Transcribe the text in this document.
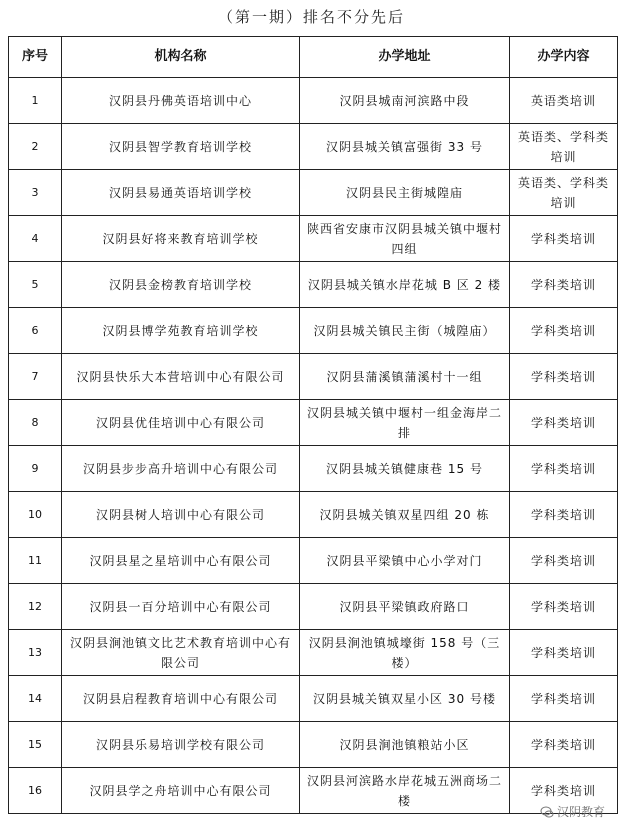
（第一期）排名不分先后
序号	机构名称	办学地址	办学内容
1	汉阴县丹佛英语培训中心	汉阴县城南河滨路中段	英语类培训
2	汉阴县智学教育培训学校	汉阴县城关镇富强街 33 号	英语类、学科类培训
3	汉阴县易通英语培训学校	汉阴县民主街城隍庙	英语类、学科类培训
4	汉阴县好将来教育培训学校	陕西省安康市汉阴县城关镇中堰村四组	学科类培训
5	汉阴县金榜教育培训学校	汉阴县城关镇水岸花城 B 区 2 楼	学科类培训
6	汉阴县博学苑教育培训学校	汉阴县城关镇民主街（城隍庙）	学科类培训
7	汉阴县快乐大本营培训中心有限公司	汉阴县蒲溪镇蒲溪村十一组	学科类培训
8	汉阴县优佳培训中心有限公司	汉阴县城关镇中堰村一组金海岸二排	学科类培训
9	汉阴县步步高升培训中心有限公司	汉阴县城关镇健康巷 15 号	学科类培训
10	汉阴县树人培训中心有限公司	汉阴县城关镇双星四组 20 栋	学科类培训
11	汉阴县星之星培训中心有限公司	汉阴县平梁镇中心小学对门	学科类培训
12	汉阴县一百分培训中心有限公司	汉阴县平梁镇政府路口	学科类培训
13	汉阴县涧池镇文比艺术教育培训中心有限公司	汉阴县涧池镇城壕街 158 号（三楼）	学科类培训
14	汉阴县启程教育培训中心有限公司	汉阴县城关镇双星小区 30 号楼	学科类培训
15	汉阴县乐易培训学校有限公司	汉阴县涧池镇粮站小区	学科类培训
16	汉阴县学之舟培训中心有限公司	汉阴县河滨路水岸花城五洲商场二楼	学科类培训
汉阴教育
